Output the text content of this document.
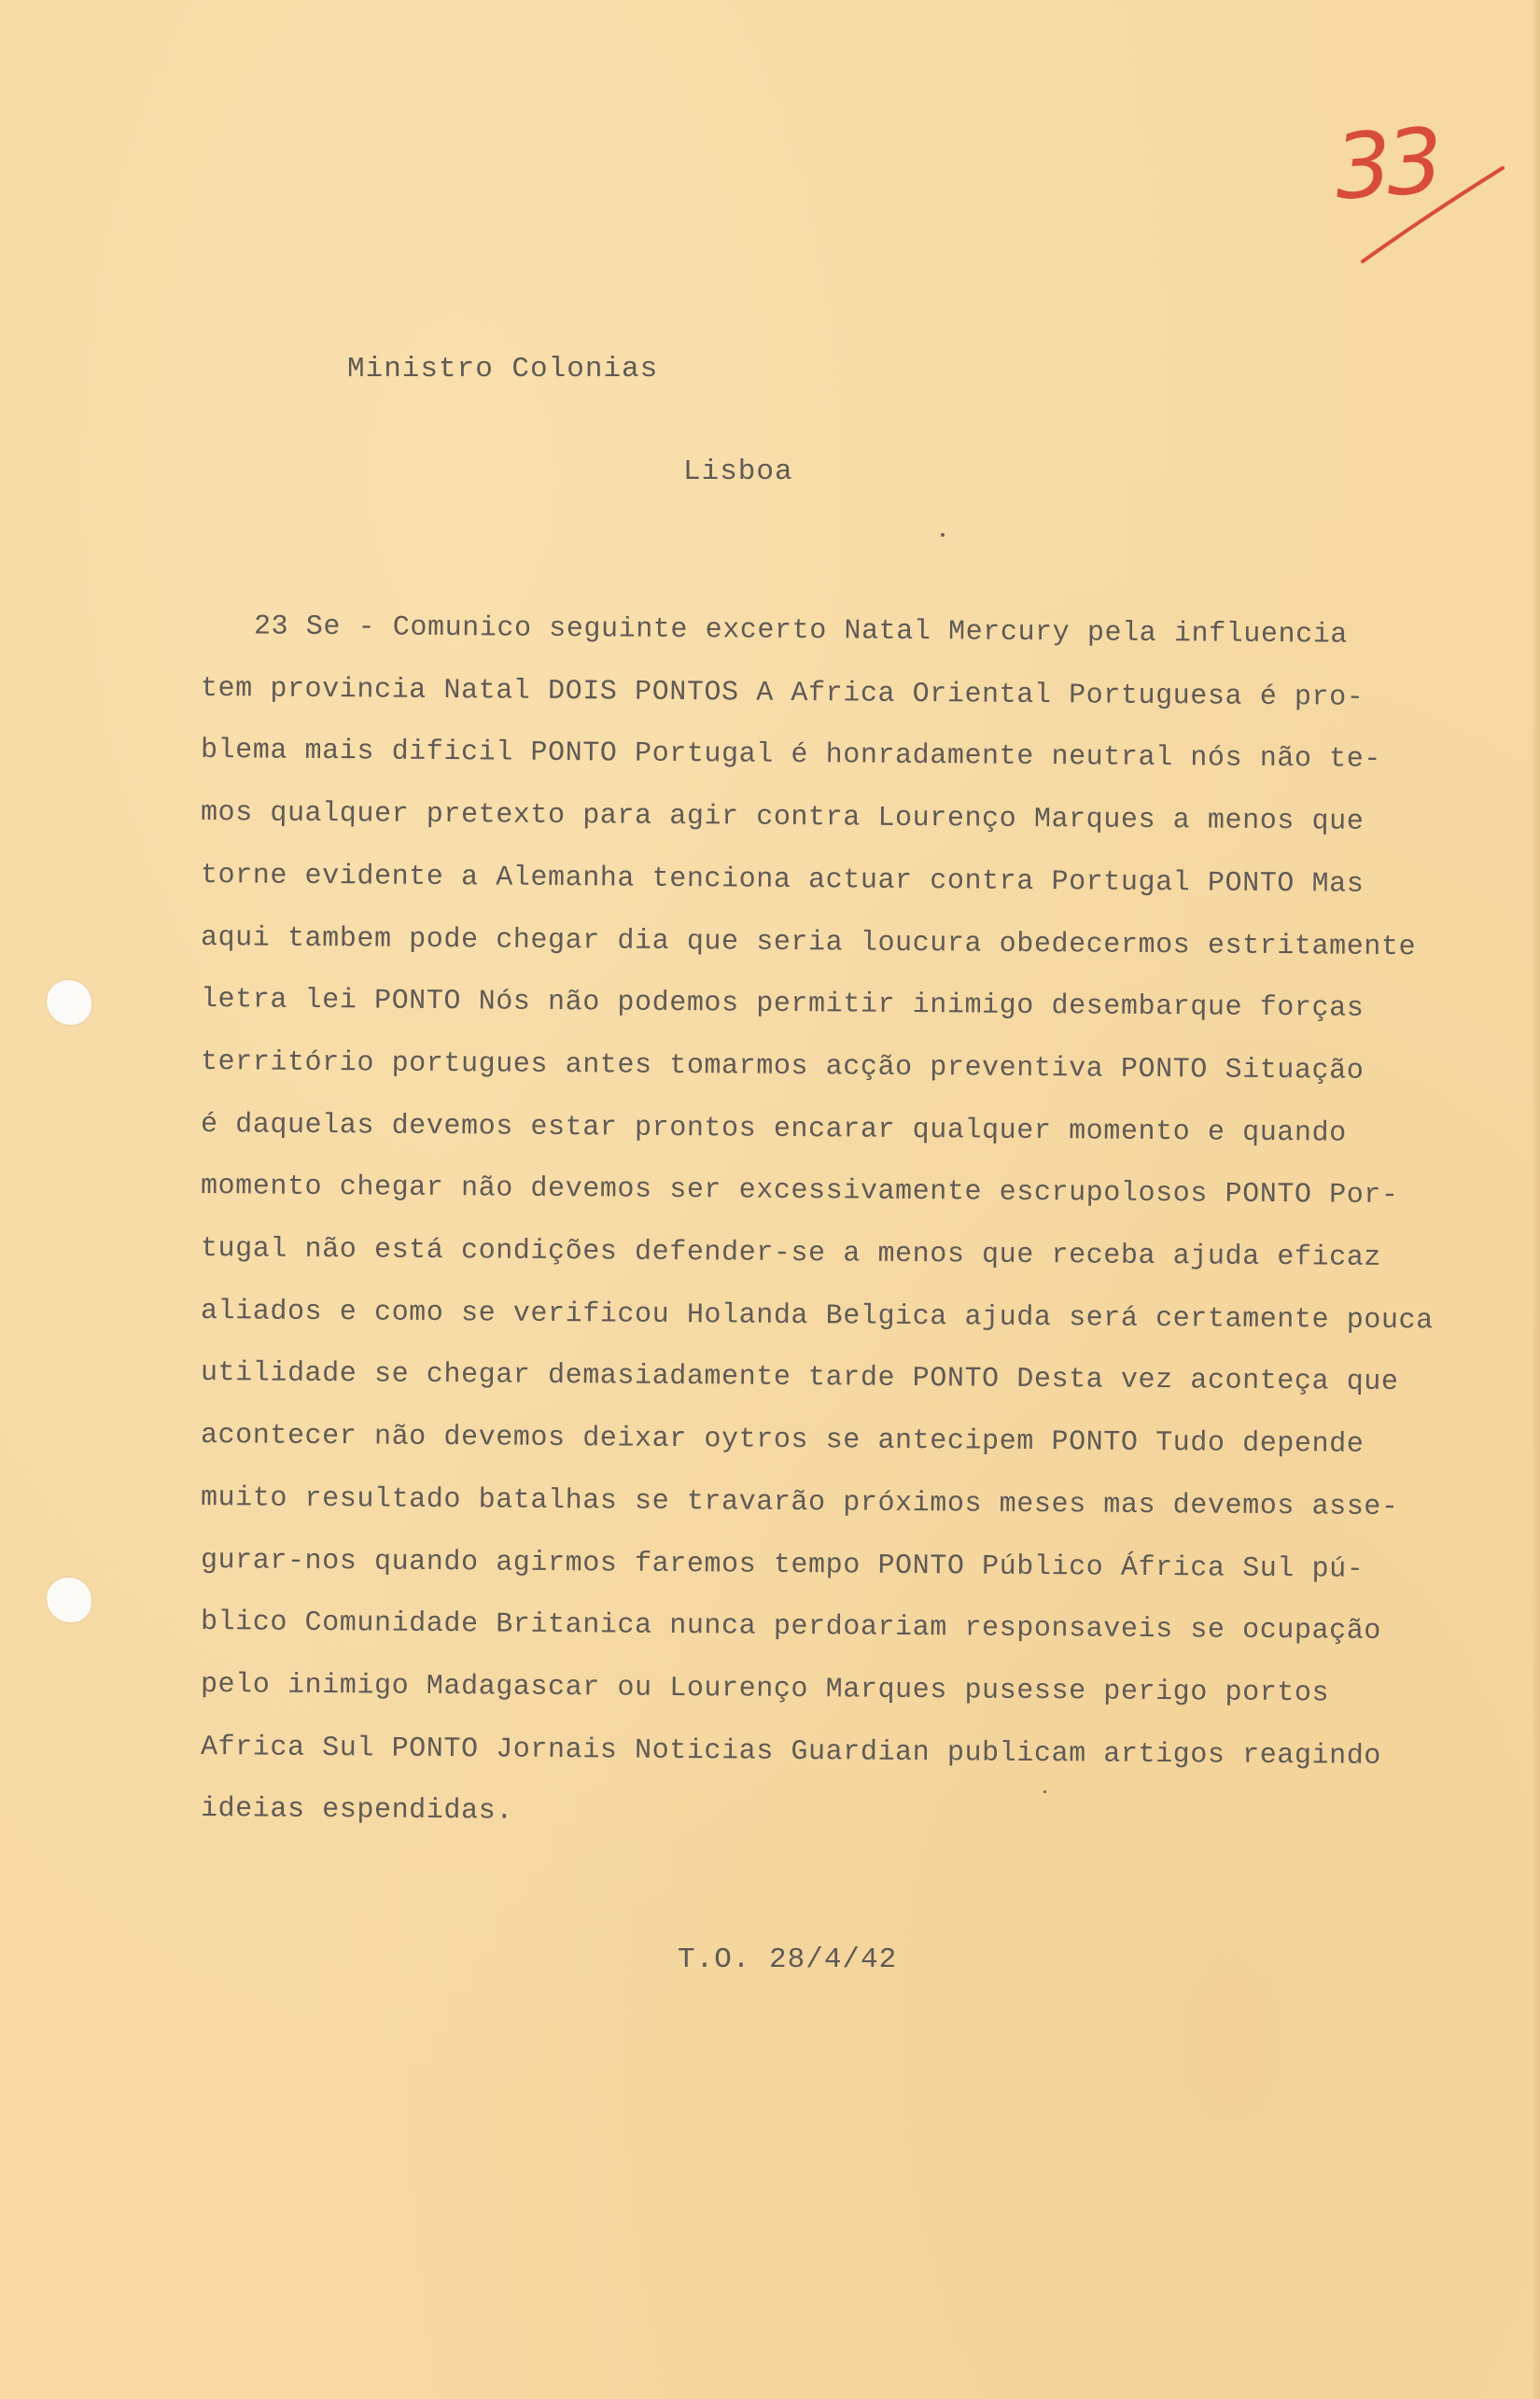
33
Ministro Colonias
Lisboa
23 Se - Comunico seguinte excerto Natal Mercury pela influencia
tem provincia Natal DOIS PONTOS A Africa Oriental Portuguesa é pro-
blema mais dificil PONTO Portugal é honradamente neutral nós não te-
mos qualquer pretexto para agir contra Lourenço Marques a menos que
torne evidente a Alemanha tenciona actuar contra Portugal PONTO Mas
aqui tambem pode chegar dia que seria loucura obedecermos estritamente
letra lei PONTO Nós não podemos permitir inimigo desembarque forças
território portugues antes tomarmos acção preventiva PONTO Situação
é daquelas devemos estar prontos encarar qualquer momento e quando
momento chegar não devemos ser excessivamente escrupolosos PONTO Por-
tugal não está condições defender-se a menos que receba ajuda eficaz
aliados e como se verificou Holanda Belgica ajuda será certamente pouca
utilidade se chegar demasiadamente tarde PONTO Desta vez aconteça que
acontecer não devemos deixar oytros se antecipem PONTO Tudo depende
muito resultado batalhas se travarão próximos meses mas devemos asse-
gurar-nos quando agirmos faremos tempo PONTO Público África Sul pú-
blico Comunidade Britanica nunca perdoariam responsaveis se ocupação
pelo inimigo Madagascar ou Lourenço Marques pusesse perigo portos
Africa Sul PONTO Jornais Noticias Guardian publicam artigos reagindo
ideias espendidas.
T.O. 28/4/42
